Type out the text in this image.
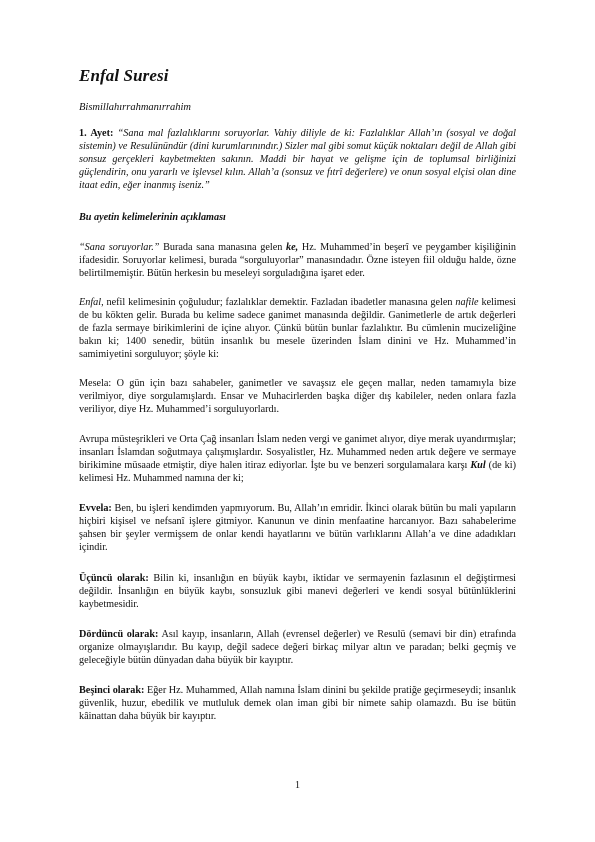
Enfal Suresi
Bismillahırrahmanırrahim
1. Ayet: “Sana mal fazlalıklarını soruyorlar. Vahiy diliyle de ki: Fazlalıklar Allah’ın (sosyal ve doğal sistemin) ve Resulünündür (dini kurumlarınındır.) Sizler mal gibi somut küçük noktaları değil de Allah gibi sonsuz gerçekleri kaybetmekten sakının. Maddi bir hayat ve gelişme için de toplumsal birliğinizi güçlendirin, onu yararlı ve işlevsel kılın. Allah’a (sonsuz ve fıtrî değerlere) ve onun sosyal elçisi olan dine itaat edin, eğer inanmış iseniz.”
Bu ayetin kelimelerinin açıklaması
“Sana soruyorlar.” Burada sana manasına gelen ke, Hz. Muhammed’in beşerî ve peygamber kişiliğinin ifadesidir. Soruyorlar kelimesi, burada “sorguluyorlar” manasındadır. Özne isteyen fiil olduğu halde, özne belirtilmemiştir. Bütün herkesin bu meseleyi sorguladığına işaret eder.
Enfal, nefil kelimesinin çoğuludur; fazlalıklar demektir. Fazladan ibadetler manasına gelen nafile kelimesi de bu kökten gelir. Burada bu kelime sadece ganimet manasında değildir. Ganimetlerle de artık değerleri de fazla sermaye birikimlerini de içine alıyor. Çünkü bütün bunlar fazlalıktır. Bu cümlenin mucizeliğine bakın ki; 1400 senedir, bütün insanlık bu mesele üzerinden İslam dinini ve Hz. Muhammed’in samimiyetini sorguluyor; şöyle ki:
Mesela: O gün için bazı sahabeler, ganimetler ve savaşsız ele geçen mallar, neden tamamıyla bize verilmiyor, diye sorgulamışlardı. Ensar ve Muhacirlerden başka diğer dış kabileler, neden onlara fazla veriliyor, diye Hz. Muhammed’i sorguluyorlardı.
Avrupa müsteşrikleri ve Orta Çağ insanları İslam neden vergi ve ganimet alıyor, diye merak uyandırmışlar; insanları İslamdan soğutmaya çalışmışlardır. Sosyalistler, Hz. Muhammed neden artık değere ve sermaye birikimine müsaade etmiştir, diye halen itiraz ediyorlar. İşte bu ve benzeri sorgulamalara karşı Kul (de ki) kelimesi Hz. Muhammed namına der ki;
Evvela: Ben, bu işleri kendimden yapmıyorum. Bu, Allah’ın emridir. İkinci olarak bütün bu mali yapıların hiçbiri kişisel ve nefsanî işlere gitmiyor. Kanunun ve dinin menfaatine harcanıyor. Bazı sahabelerime şahsen bir şeyler vermişsem de onlar kendi hayatlarını ve bütün varlıklarını Allah’a ve dine adadıkları içindir.
Üçüncü olarak: Bilin ki, insanlığın en büyük kaybı, iktidar ve sermayenin fazlasının el değiştirmesi değildir. İnsanlığın en büyük kaybı, sonsuzluk gibi manevi değerleri ve kendi sosyal bütünlüklerini kaybetmesidir.
Dördüncü olarak: Asıl kayıp, insanların, Allah (evrensel değerler) ve Resulü (semavi bir din) etrafında organize olmayışlarıdır. Bu kayıp, değil sadece değeri birkaç milyar altın ve paradan; belki geçmiş ve geleceğiyle bütün dünyadan daha büyük bir kayıptır.
Beşinci olarak: Eğer Hz. Muhammed, Allah namına İslam dinini bu şekilde pratiğe geçirmeseydi; insanlık güvenlik, huzur, ebedilik ve mutluluk demek olan iman gibi bir nimete sahip olamazdı. Bu ise bütün kâinattan daha büyük bir kayıptır.
1
